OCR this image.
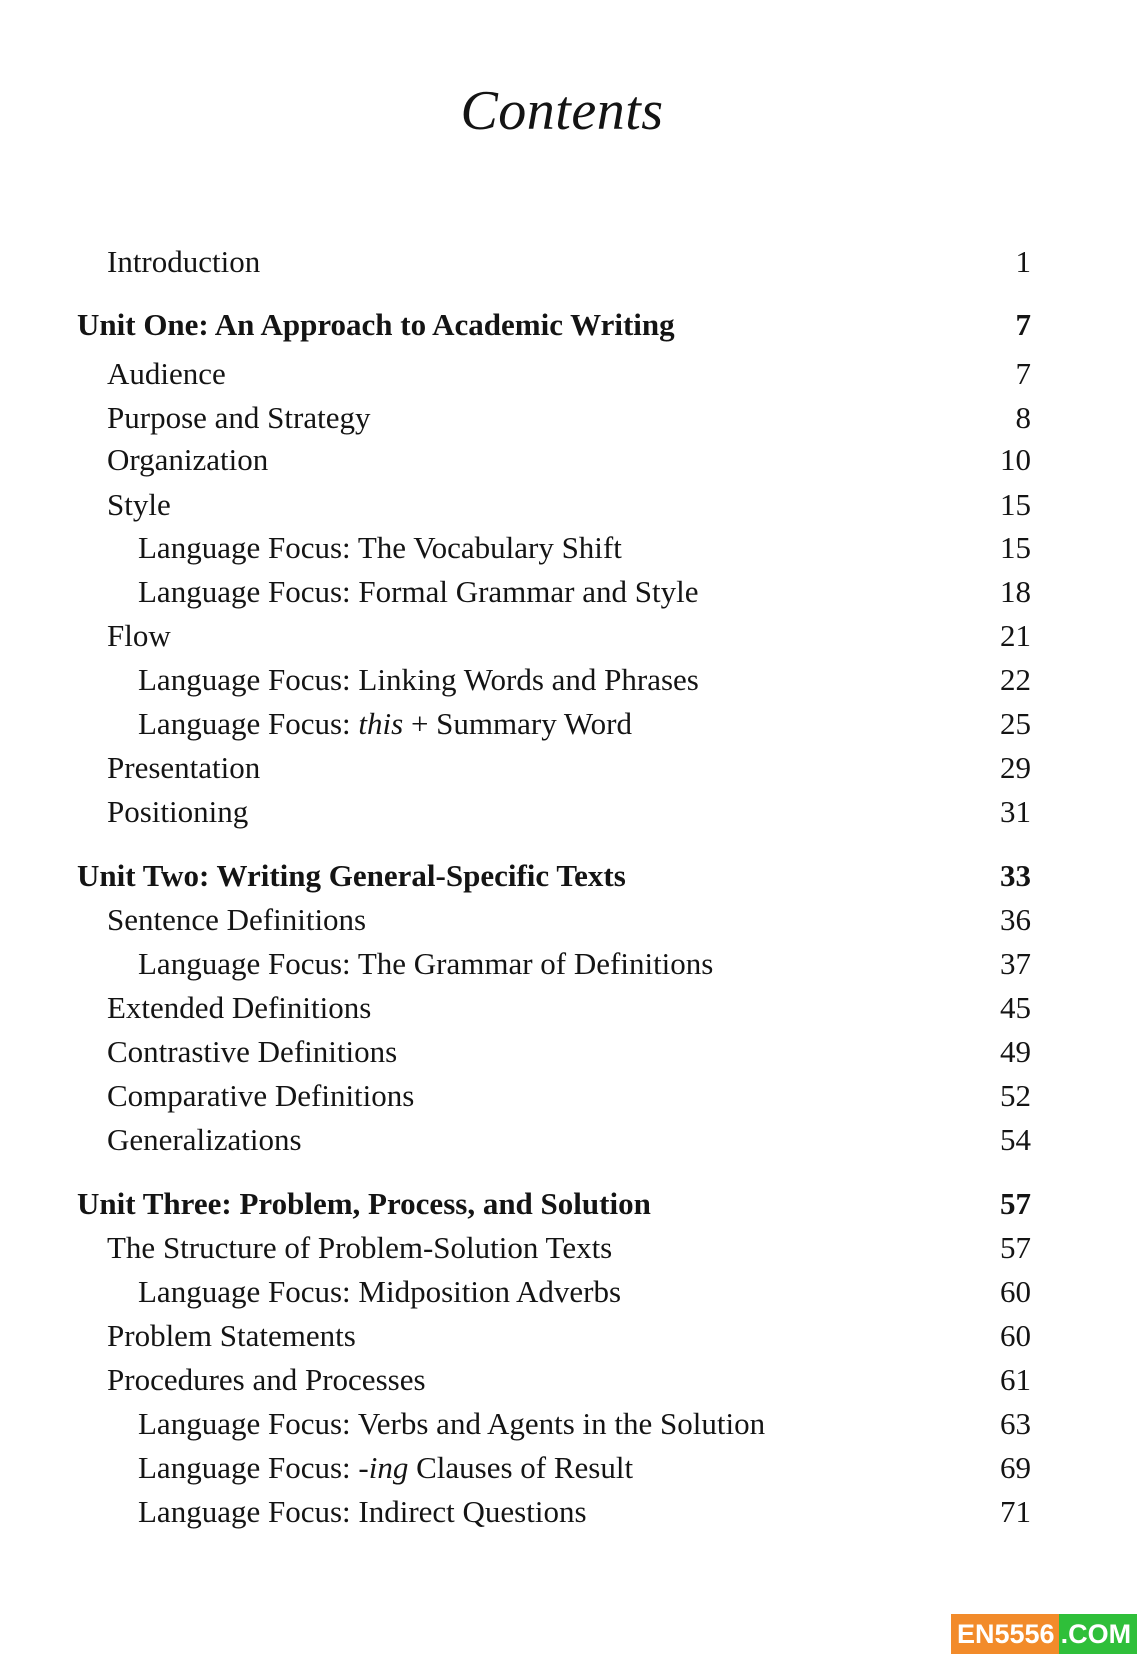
Contents
Introduction	1
Unit One: An Approach to Academic Writing	7
Audience	7
Purpose and Strategy	8
Organization	10
Style	15
Language Focus: The Vocabulary Shift	15
Language Focus: Formal Grammar and Style	18
Flow	21
Language Focus: Linking Words and Phrases	22
Language Focus: this + Summary Word	25
Presentation	29
Positioning	31
Unit Two: Writing General-Specific Texts	33
Sentence Definitions	36
Language Focus: The Grammar of Definitions	37
Extended Definitions	45
Contrastive Definitions	49
Comparative Definitions	52
Generalizations	54
Unit Three: Problem, Process, and Solution	57
The Structure of Problem-Solution Texts	57
Language Focus: Midposition Adverbs	60
Problem Statements	60
Procedures and Processes	61
Language Focus: Verbs and Agents in the Solution	63
Language Focus: -ing Clauses of Result	69
Language Focus: Indirect Questions	71
EN5556 .COM
